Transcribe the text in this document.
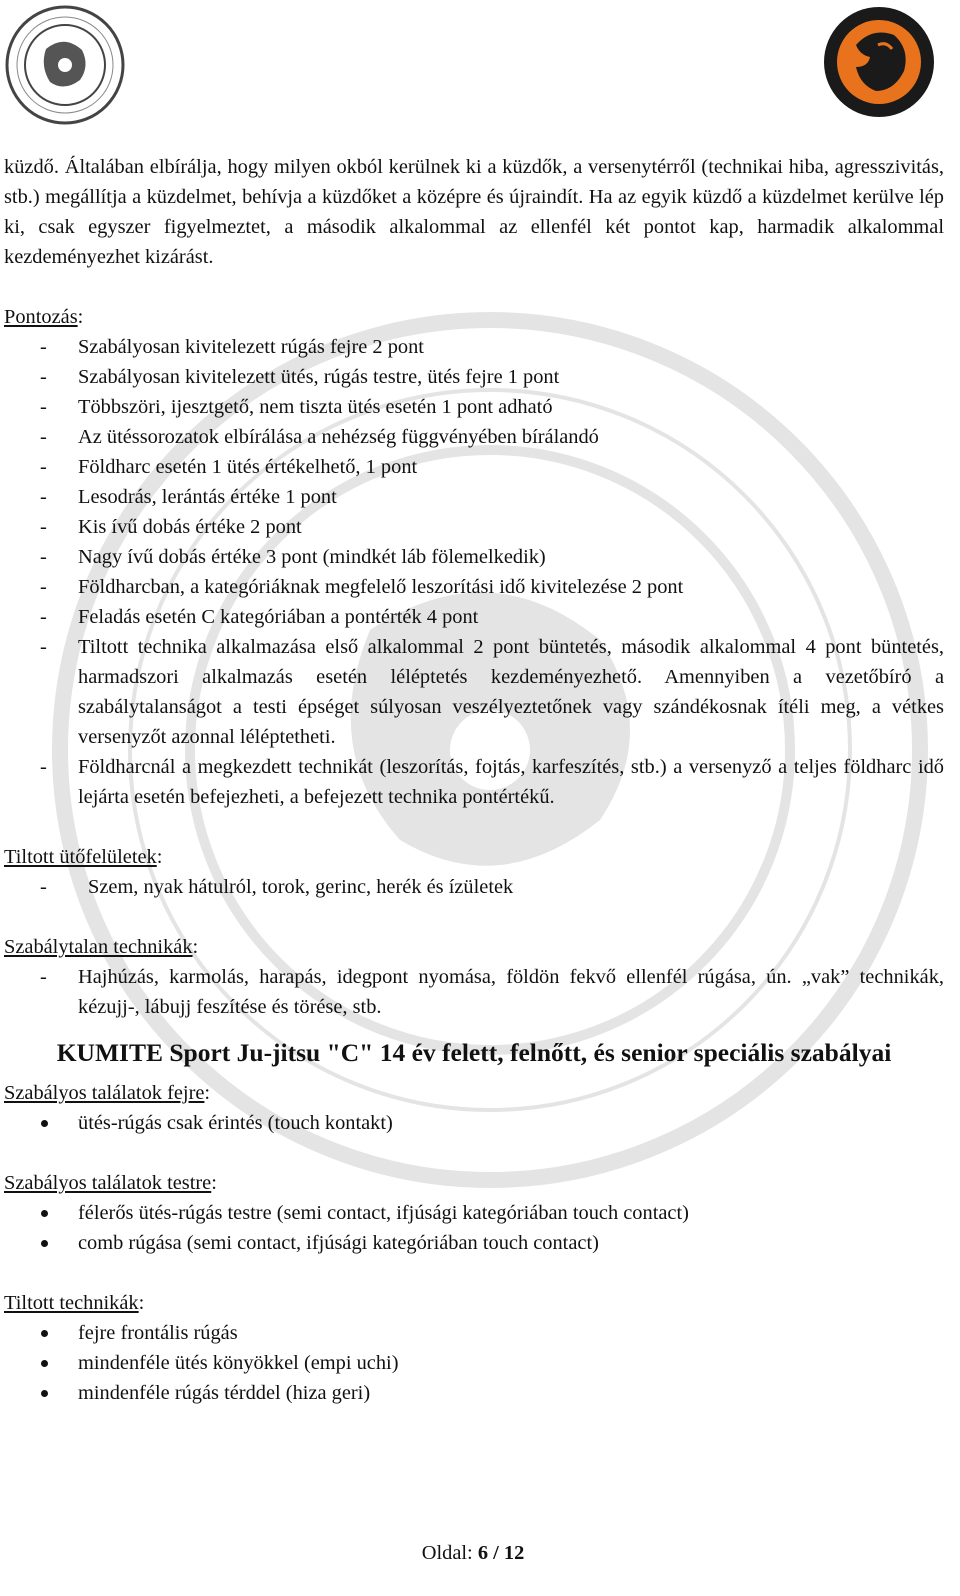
küzdő. Általában elbírálja, hogy milyen okból kerülnek ki a küzdők, a versenytérről (technikai hiba, agresszivitás, stb.) megállítja a küzdelmet, behívja a küzdőket a középre és újraindít. Ha az egyik küzdő a küzdelmet kerülve lép ki, csak egyszer figyelmeztet, a második alkalommal az ellenfél két pontot kap, harmadik alkalommal kezdeményezhet kizárást.

Pontozás:

- Szabályosan kivitelezett rúgás fejre 2 pont
- Szabályosan kivitelezett ütés, rúgás testre, ütés fejre 1 pont
- Többszöri, ijesztgető, nem tiszta ütés esetén 1 pont adható
- Az ütéssorozatok elbírálása a nehézség függvényében bírálandó
- Földharc esetén 1 ütés értékelhető, 1 pont
- Lesodrás, lerántás értéke 1 pont
- Kis ívű dobás értéke 2 pont
- Nagy ívű dobás értéke 3 pont (mindkét láb fölemelkedik)
- Földharcban, a kategóriáknak megfelelő leszorítási idő kivitelezése 2 pont
- Feladás esetén C kategóriában a pontérték 4 pont
- Tiltott technika alkalmazása első alkalommal 2 pont büntetés, második alkalommal 4 pont büntetés, harmadszori alkalmazás esetén léléptetés kezdeményezhető. Amennyiben a vezetőbíró a szabálytalanságot a testi épséget súlyosan veszélyeztetőnek vagy szándékosnak ítéli meg, a vétkes versenyzőt azonnal léléptetheti.
- Földharcnál a megkezdett technikát (leszorítás, fojtás, karfeszítés, stb.) a versenyző a teljes földharc idő lejárta esetén befejezheti, a befejezett technika pontértékű.

Tiltott ütőfelületek:

- Szem, nyak hátulról, torok, gerinc, herék és ízületek

Szabálytalan technikák:

- Hajhúzás, karmolás, harapás, idegpont nyomása, földön fekvő ellenfél rúgása, ún. „vak” technikák, kézujj-, lábujj feszítése és törése, stb.
KUMITE Sport Ju-jitsu "C" 14 év felett, felnőtt, és senior speciális szabályai

Szabályos találatok fejre:

ütés-rúgás csak érintés (touch kontakt)

Szabályos találatok testre:

félerős ütés-rúgás testre (semi contact, ifjúsági kategóriában touch contact)
comb rúgása (semi contact, ifjúsági kategóriában touch contact)

Tiltott technikák:

fejre frontális rúgás
mindenféle ütés könyökkel (empi uchi)
mindenféle rúgás térddel (hiza geri)
Oldal: 6 / 12
